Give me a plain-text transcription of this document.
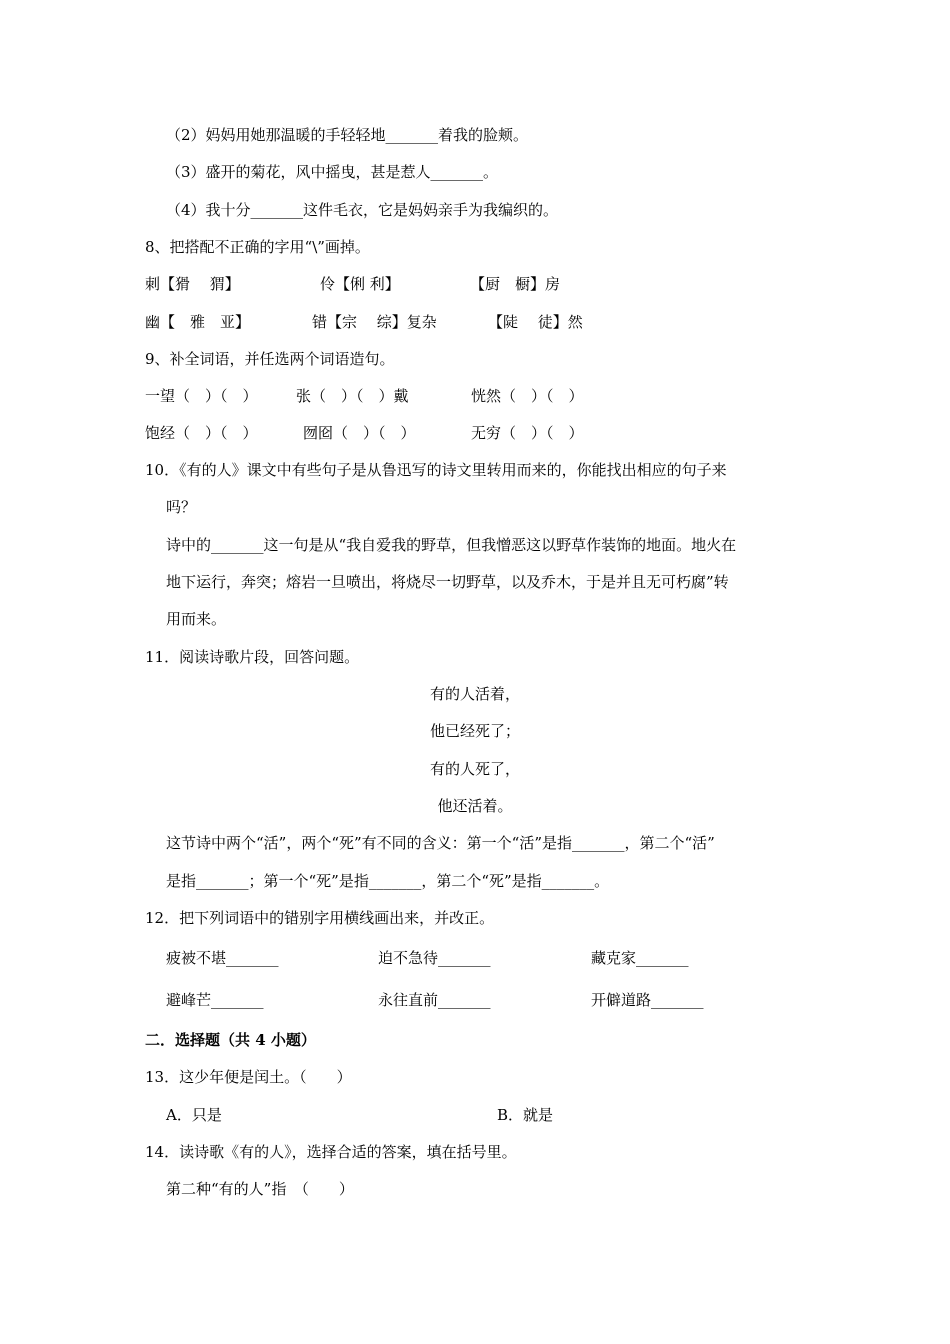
（2）妈妈用她那温暖的手轻轻地_______着我的脸颊。
（3）盛开的菊花，风中摇曳，甚是惹人_______。
（4）我十分_______这件毛衣，它是妈妈亲手为我编织的。
8、把搭配不正确的字用“\”画掉。
刺【猾　 猬】	伶【俐 利】	【厨　橱】房
幽【　雅　亚】	错【宗　 综】复杂	【陡　 徒】然
9、补全词语，并任选两个词语造句。
一望（　）（　）	张（　）（　）戴	恍然（　）（　）
饱经（　）（　）	囫囵（　）（　）	无穷（　）（　）
10．《有的人》课文中有些句子是从鲁迅写的诗文里转用而来的，你能找出相应的句子来
吗？
诗中的_______这一句是从“我自爱我的野草，但我憎恶这以野草作装饰的地面。地火在
地下运行，奔突；熔岩一旦喷出，将烧尽一切野草，以及乔木，于是并且无可朽腐”转
用而来。
11．阅读诗歌片段，回答问题。
有的人活着，
他已经死了；
有的人死了，
他还活着。
这节诗中两个“活”，两个“死”有不同的含义：第一个“活”是指_______，第二个“活”
是指_______；第一个“死”是指_______，第二个“死”是指_______。
12．把下列词语中的错别字用横线画出来，并改正。
疲被不堪_______	迫不急待_______	藏克家_______
避峰芒_______	永往直前_______	开僻道路_______
二．选择题（共 4 小题）
13．这少年便是闰土。（　　）
A．只是	B．就是
14．读诗歌《有的人》，选择合适的答案，填在括号里。
第二种“有的人”指　（　　）
